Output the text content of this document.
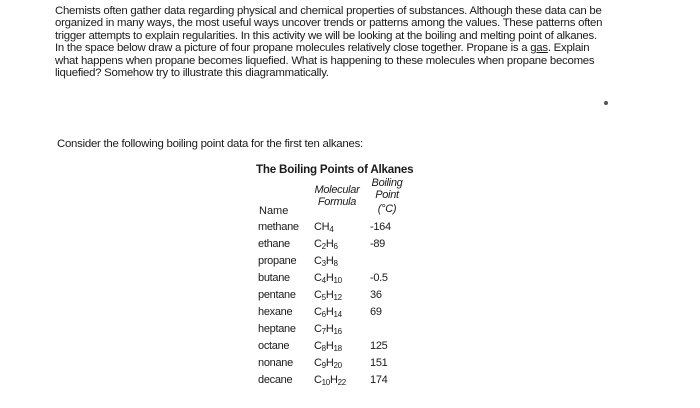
Chemists often gather data regarding physical and chemical properties of substances. Although these data can be organized in many ways, the most useful ways uncover trends or patterns among the values. These patterns often trigger attempts to explain regularities. In this activity we will be looking at the boiling and melting point of alkanes.

In the space below draw a picture of four propane molecules relatively close together. Propane is a gas. Explain what happens when propane becomes liquefied. What is happening to these molecules when propane becomes liquefied? Somehow try to illustrate this diagrammatically.

Consider the following boiling point data for the first ten alkanes:
The Boiling Points of Alkanes
Molecular
Formula
Boiling
Point
(°C)
Name
methane $CH_4$	-164
ethane $C_2H_6$	-89
propane $C_3H_8$
butane $C_4H_{10}$	-0.5
pentane $C_5H_{12}$	36
hexane $C_6H_{14}$	69
heptane $C_7H_{16}$
octane $C_8H_{18}$	125
nonane $C_9H_{20}$	151
decane $C_{10}H_{22}$ 174
